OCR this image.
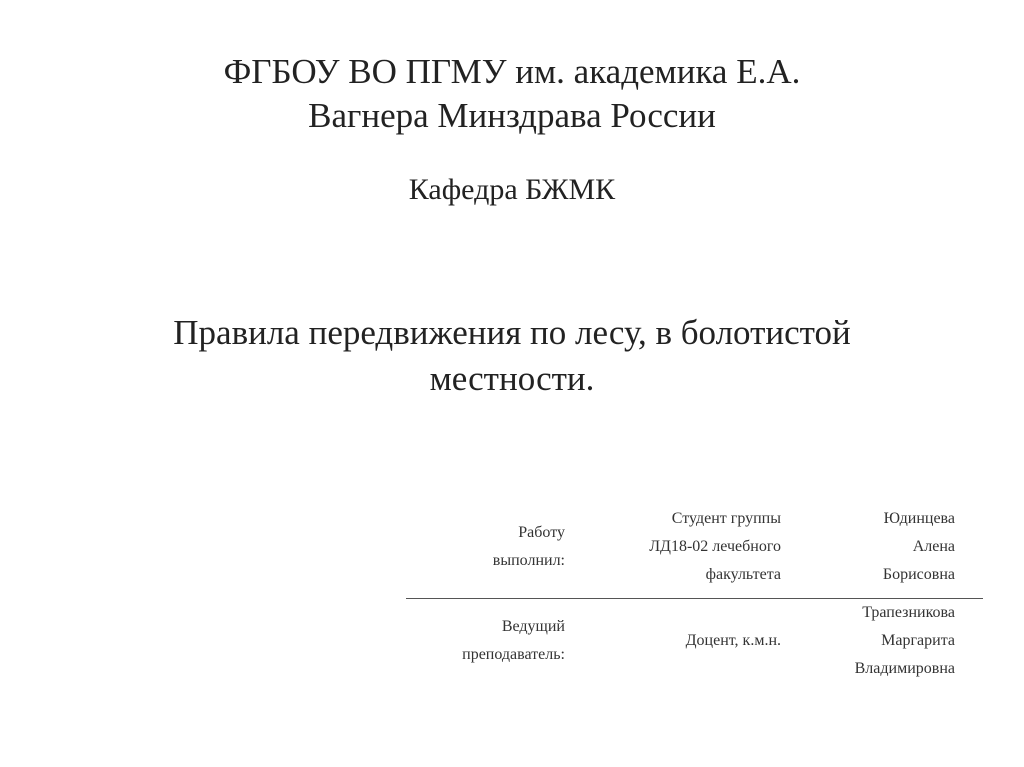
ФГБОУ ВО ПГМУ им. академика Е.А.
Вагнера Минздрава России
Кафедра БЖМК
Правила передвижения по лесу, в болотистой
местности.
Работу
выполнил:
Студент группы
ЛД18-02 лечебного
факультета
Юдинцева
Алена
Борисовна
Ведущий
преподаватель:
Доцент, к.м.н.
Трапезникова
Маргарита
Владимировна
